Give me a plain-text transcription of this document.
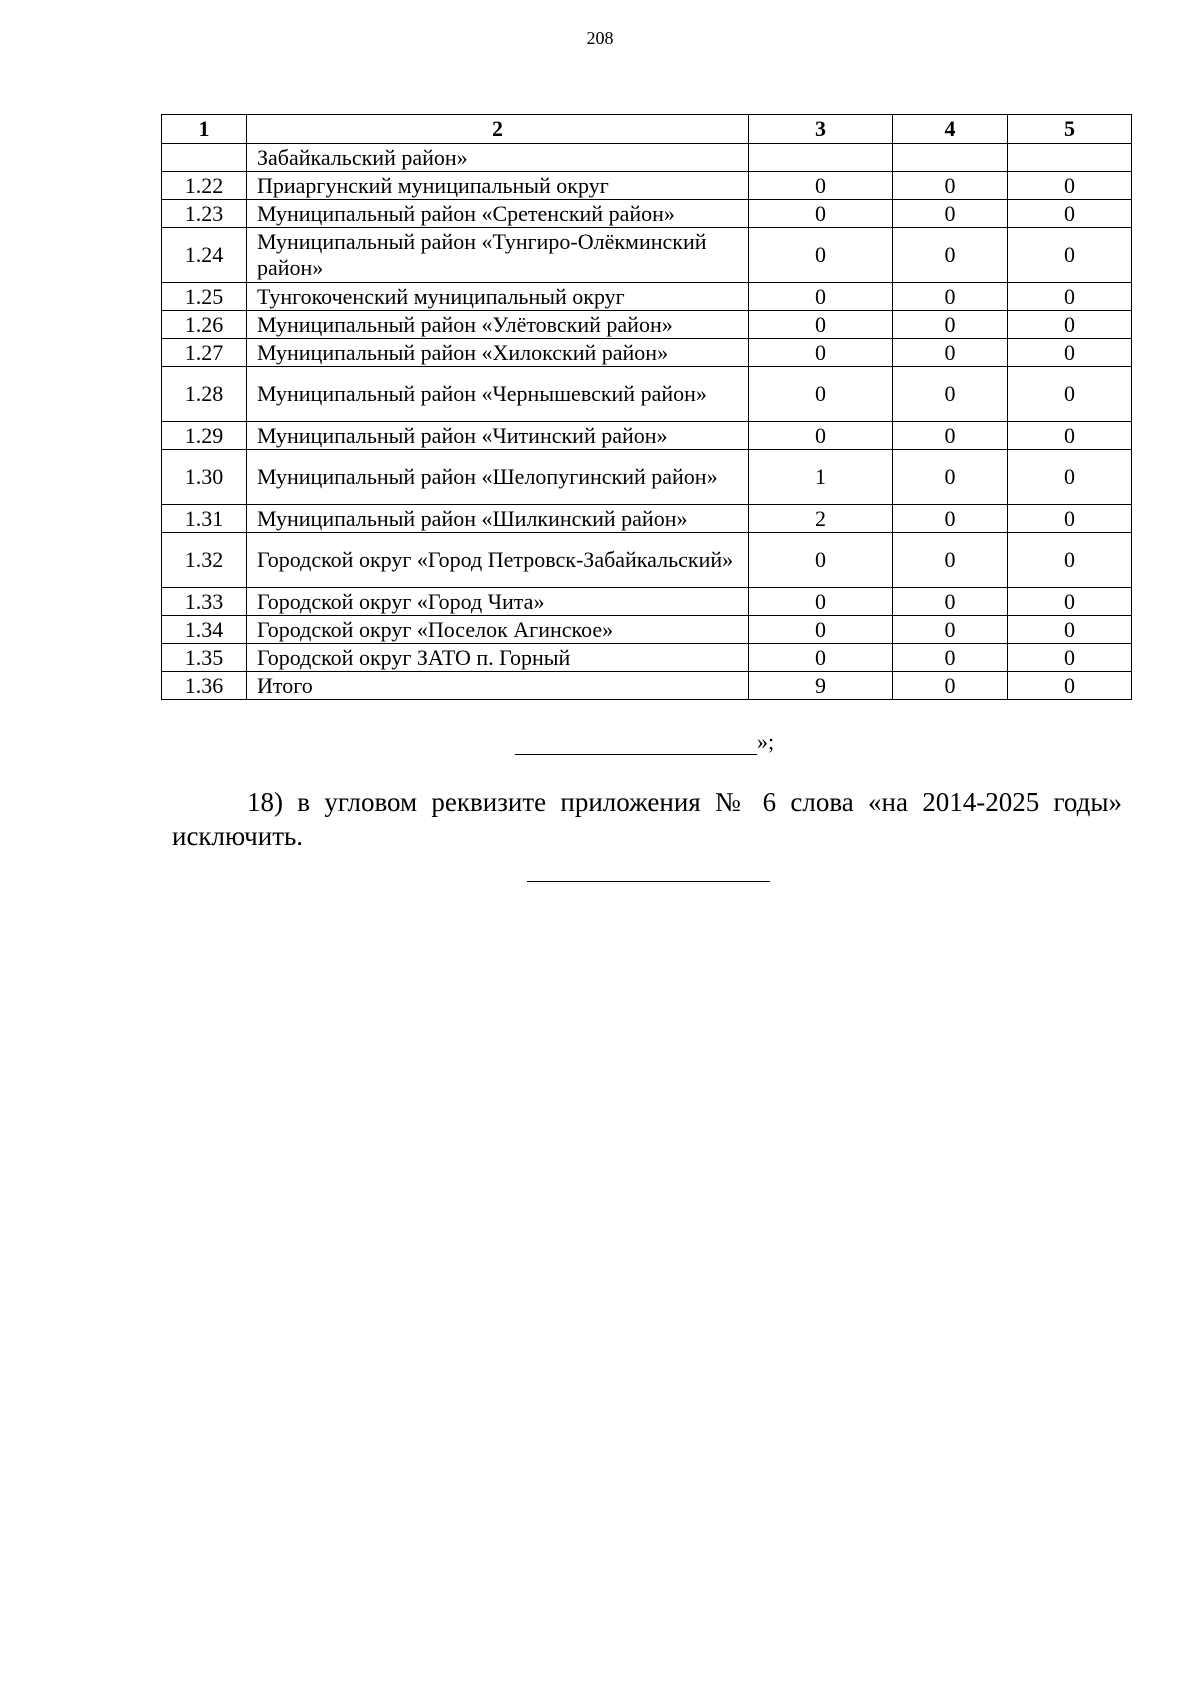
208
1	2	3	4	5
	Забайкальский район»			
1.22	Приаргунский муниципальный округ	0	0	0
1.23	Муниципальный район «Сретенский район»	0	0	0
1.24	Муниципальный район «Тунгиро-Олёкминский район»	0	0	0
1.25	Тунгокоченский муниципальный округ	0	0	0
1.26	Муниципальный район «Улётовский район»	0	0	0
1.27	Муниципальный район «Хилокский район»	0	0	0
1.28	Муниципальный район «Чернышевский район»	0	0	0
1.29	Муниципальный район «Читинский район»	0	0	0
1.30	Муниципальный район «Шелопугинский район»	1	0	0
1.31	Муниципальный район «Шилкинский район»	2	0	0
1.32	Городской округ «Город Петровск-Забайкальский»	0	0	0
1.33	Городской округ «Город Чита»	0	0	0
1.34	Городской округ «Поселок Агинское»	0	0	0
1.35	Городской округ ЗАТО п. Горный	0	0	0
1.36	Итого	9	0	0
»;
18) в угловом реквизите приложения № 6 слова «на 2014-2025 годы» исключить.
